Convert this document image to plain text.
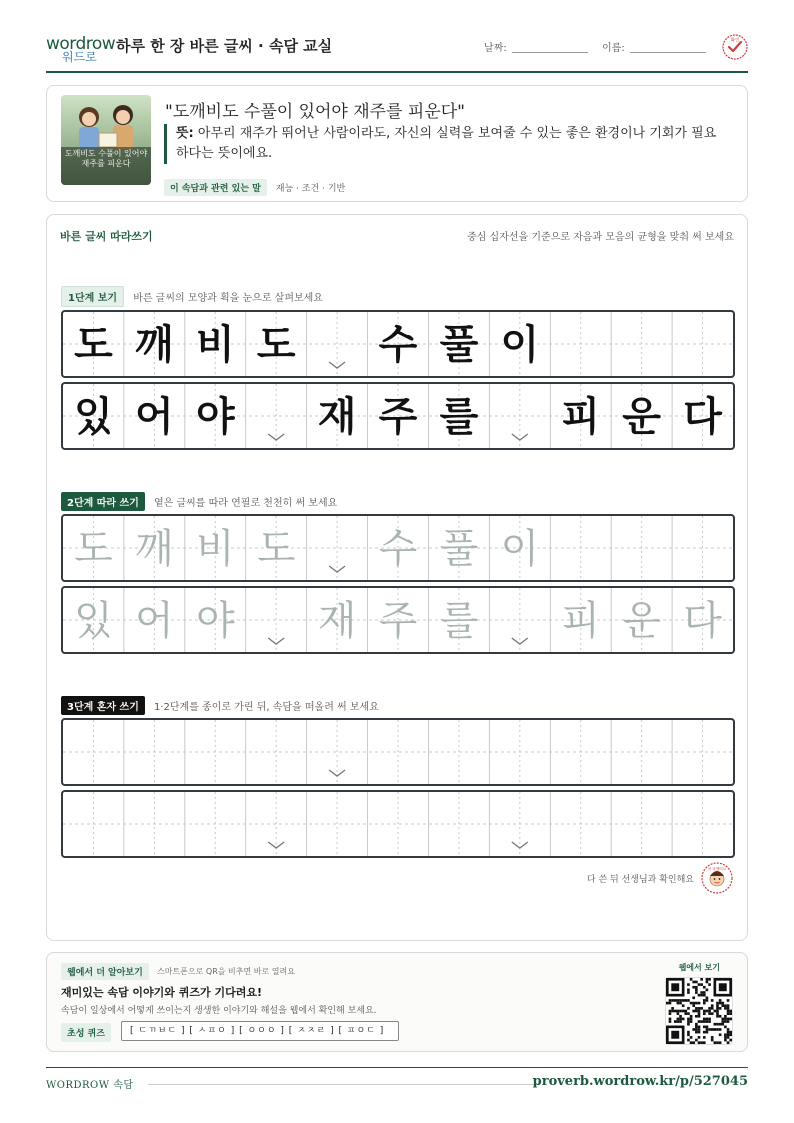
wordrow
워드로
하루 한 장 바른 글씨 · 속담 교실	날짜:	이름:
확인
도깨비도 수풀이 있어야
재주를 피운다
"도깨비도 수풀이 있어야 재주를 피운다"
뜻: 아무리 재주가 뛰어난 사람이라도, 자신의 실력을 보여줄 수 있는 좋은 환경이나 기회가 필요하다는 뜻이에요.
이 속담과 관련 있는 말 재능 · 조건 · 기반
바른 글씨 따라쓰기	중심 십자선을 기준으로 자음과 모음의 균형을 맞춰 써 보세요
1단계 보기 바른 글씨의 모양과 획을 눈으로 살펴보세요
도 깨 비 도 수 풀 이
있 어 야 재 주 를 피 운 다
2단계 따라 쓰기 옅은 글씨를 따라 연필로 천천히 써 보세요
도 깨 비 도 수 풀 이
있 어 야 재 주 를 피 운 다
3단계 혼자 쓰기 1·2단계를 종이로 가린 뒤, 속담을 떠올려 써 보세요
다 쓴 뒤 선생님과 확인해요
참 잘했어요
웹에서 더 알아보기	스마트폰으로 QR을 비추면 바로 열려요
재미있는 속담 이야기와 퀴즈가 기다려요!
속담이 일상에서 어떻게 쓰이는지 생생한 이야기와 해설을 웹에서 확인해 보세요.
초성 퀴즈	[ ㄷㄲㅂㄷ ] [ ㅅㅍㅇ ] [ ㅇㅇㅇ ] [ ㅈㅈㄹ ] [ ㅍㅇㄷ ]
웹에서 보기
WORDROW 속담	proverb.wordrow.kr/p/527045
